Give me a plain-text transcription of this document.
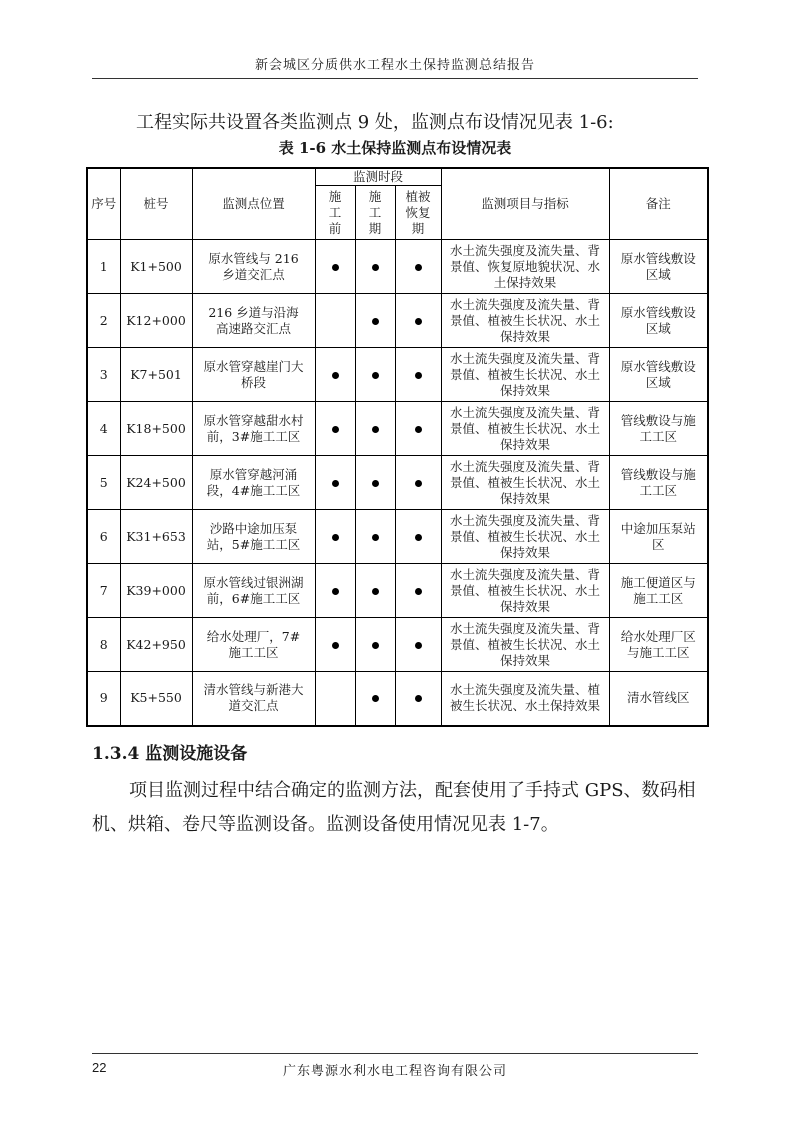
新会城区分质供水工程水土保持监测总结报告
工程实际共设置各类监测点 9 处，监测点布设情况见表 1-6:
表 1-6 水土保持监测点布设情况表
序号	桩号	监测点位置	监测时段			监测项目与指标	备注
			施工前	施工期	植被恢复期		
1	K1+500	原水管线与 216 乡道交汇点				水土流失强度及流失量、背景值、恢复原地貌状况、水土保持效果	原水管线敷设区域
2	K12+000	216 乡道与沿海高速路交汇点				水土流失强度及流失量、背景值、植被生长状况、水土保持效果	原水管线敷设区域
3	K7+501	原水管穿越崖门大桥段				水土流失强度及流失量、背景值、植被生长状况、水土保持效果	原水管线敷设区域
4	K18+500	原水管穿越甜水村前，3#施工工区				水土流失强度及流失量、背景值、植被生长状况、水土保持效果	管线敷设与施工工区
5	K24+500	原水管穿越河涌段，4#施工工区				水土流失强度及流失量、背景值、植被生长状况、水土保持效果	管线敷设与施工工区
6	K31+653	沙路中途加压泵站，5#施工工区				水土流失强度及流失量、背景值、植被生长状况、水土保持效果	中途加压泵站区
7	K39+000	原水管线过银洲湖前，6#施工工区				水土流失强度及流失量、背景值、植被生长状况、水土保持效果	施工便道区与施工工区
8	K42+950	给水处理厂，7#施工工区				水土流失强度及流失量、背景值、植被生长状况、水土保持效果	给水处理厂区与施工工区
9	K5+550	清水管线与新港大道交汇点				水土流失强度及流失量、植被生长状况、水土保持效果	清水管线区
1.3.4 监测设施设备
项目监测过程中结合确定的监测方法，配套使用了手持式 GPS、数码相机、烘箱、卷尺等监测设备。监测设备使用情况见表 1-7。
22	广东粤源水利水电工程咨询有限公司
